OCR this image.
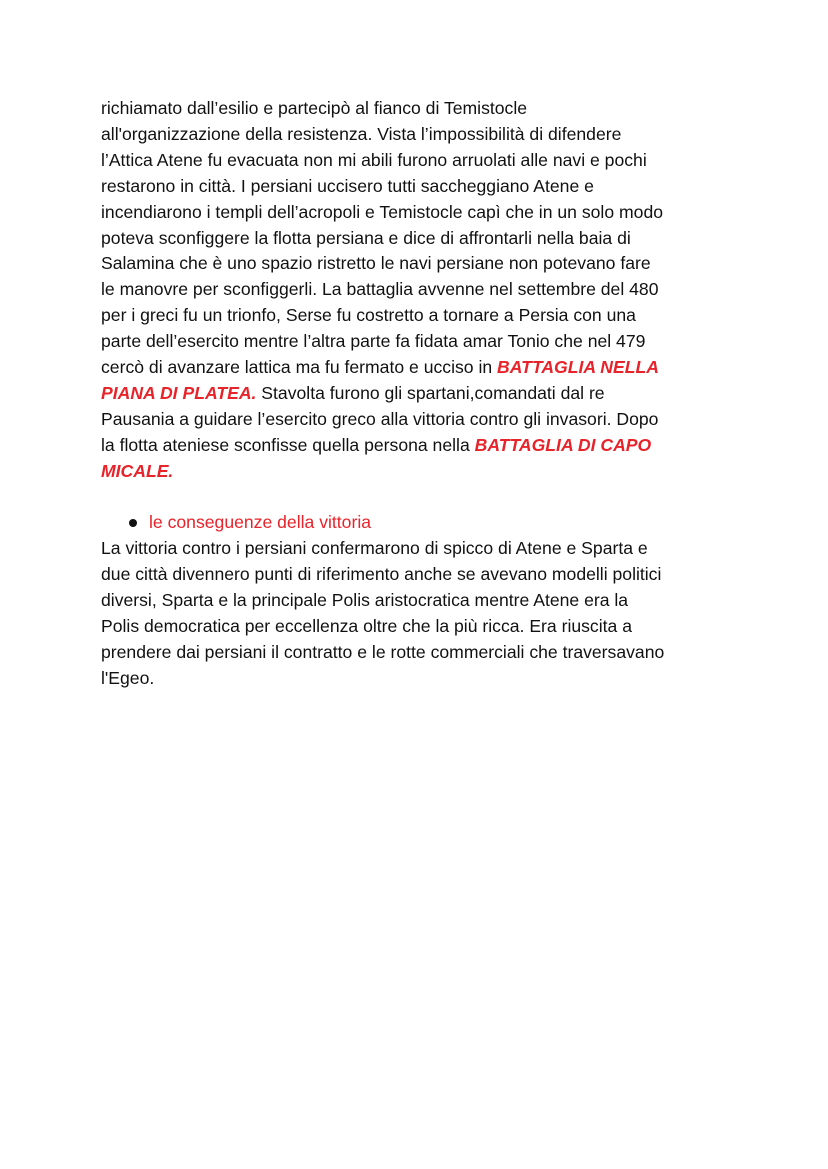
richiamato dall’esilio e partecipò al fianco di Temistocle
all'organizzazione della resistenza. Vista l’impossibilità di difendere
l’Attica Atene fu evacuata non mi abili furono arruolati alle navi e pochi
restarono in città. I persiani uccisero tutti saccheggiano Atene e
incendiarono i templi dell’acropoli e Temistocle capì che in un solo modo
poteva sconfiggere la flotta persiana e dice di affrontarli nella baia di
Salamina che è uno spazio ristretto le navi persiane non potevano fare
le manovre per sconfiggerli. La battaglia avvenne nel settembre del 480
per i greci fu un trionfo, Serse fu costretto a tornare a Persia con una
parte dell’esercito mentre l’altra parte fa fidata amar Tonio che nel 479
cercò di avanzare lattica ma fu fermato e ucciso in BATTAGLIA NELLA
PIANA DI PLATEA. Stavolta furono gli spartani,comandati dal re
Pausania a guidare l’esercito greco alla vittoria contro gli invasori. Dopo
la flotta ateniese sconfisse quella persona nella BATTAGLIA DI CAPO
MICALE.

le conseguenze della vittoria

La vittoria contro i persiani confermarono di spicco di Atene e Sparta e
due città divennero punti di riferimento anche se avevano modelli politici
diversi, Sparta e la principale Polis aristocratica mentre Atene era la
Polis democratica per eccellenza oltre che la più ricca. Era riuscita a
prendere dai persiani il contratto e le rotte commerciali che traversavano
l'Egeo.
